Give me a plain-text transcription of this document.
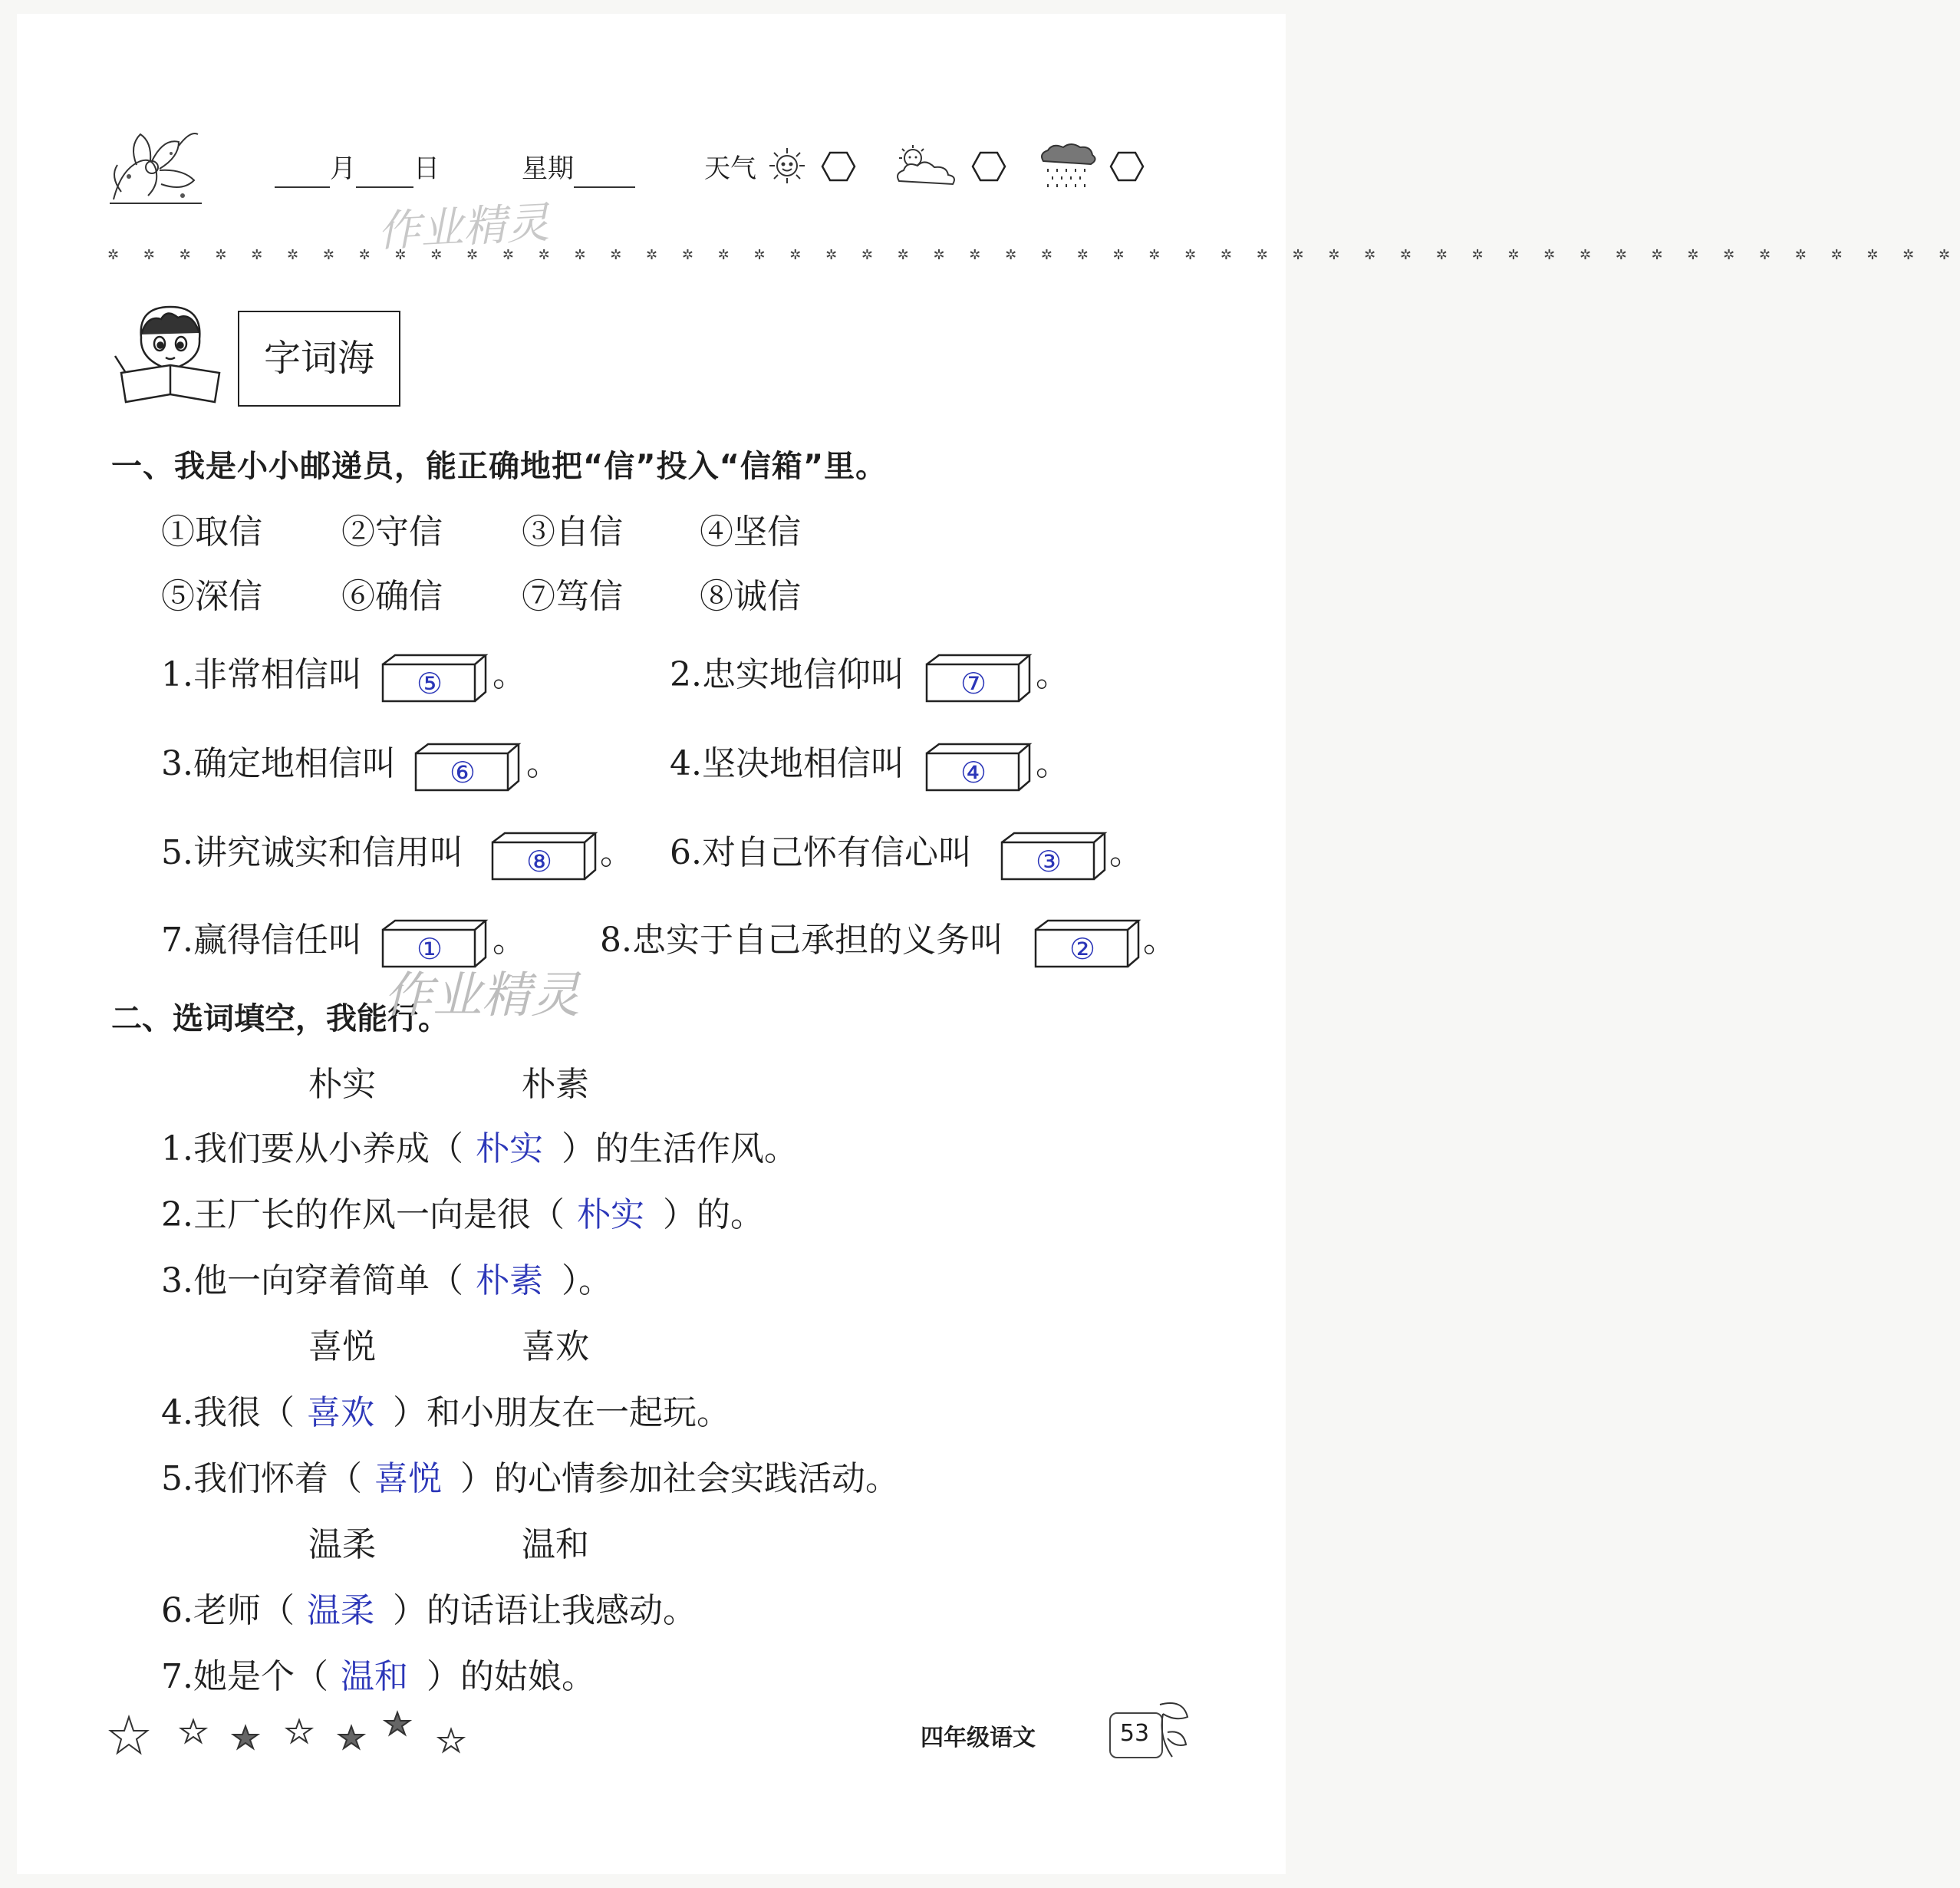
月 日	星期	天气
作业精灵
✲ ✲ ✲ ✲ ✲ ✲ ✲ ✲ ✲ ✲ ✲ ✲ ✲ ✲ ✲ ✲ ✲ ✲ ✲ ✲ ✲ ✲ ✲ ✲ ✲ ✲ ✲ ✲ ✲ ✲ ✲ ✲ ✲ ✲ ✲ ✲ ✲ ✲ ✲ ✲ ✲ ✲ ✲ ✲ ✲ ✲ ✲ ✲ ✲ ✲ ✲ ✲
字词海
一、我是小小邮递员，能正确地把“信”投入“信箱”里。
①取信 ②守信 ③自信 ④坚信
⑤深信 ⑥确信 ⑦笃信 ⑧诚信
1.非常相信叫	⑤	。	2.忠实地信仰叫	⑦	。
3.确定地相信叫	⑥	。	4.坚决地相信叫	④	。
5.讲究诚实和信用叫	⑧	。 6.对自己怀有信心叫	③	。
7.赢得信任叫	①	。 8.忠实于自己承担的义务叫	②	。
二、选词填空，我能行。
作业精灵
朴实	朴素
1.我们要从小养成（ 朴实 ）的生活作风。
2.王厂长的作风一向是很（ 朴实 ）的。
3.他一向穿着简单（ 朴素 ）。
喜悦	喜欢
4.我很（ 喜欢 ）和小朋友在一起玩。
5.我们怀着（ 喜悦 ）的心情参加社会实践活动。
温柔	温和
6.老师（ 温柔 ）的话语让我感动。
7.她是个（ 温和 ）的姑娘。
四年级语文	53
